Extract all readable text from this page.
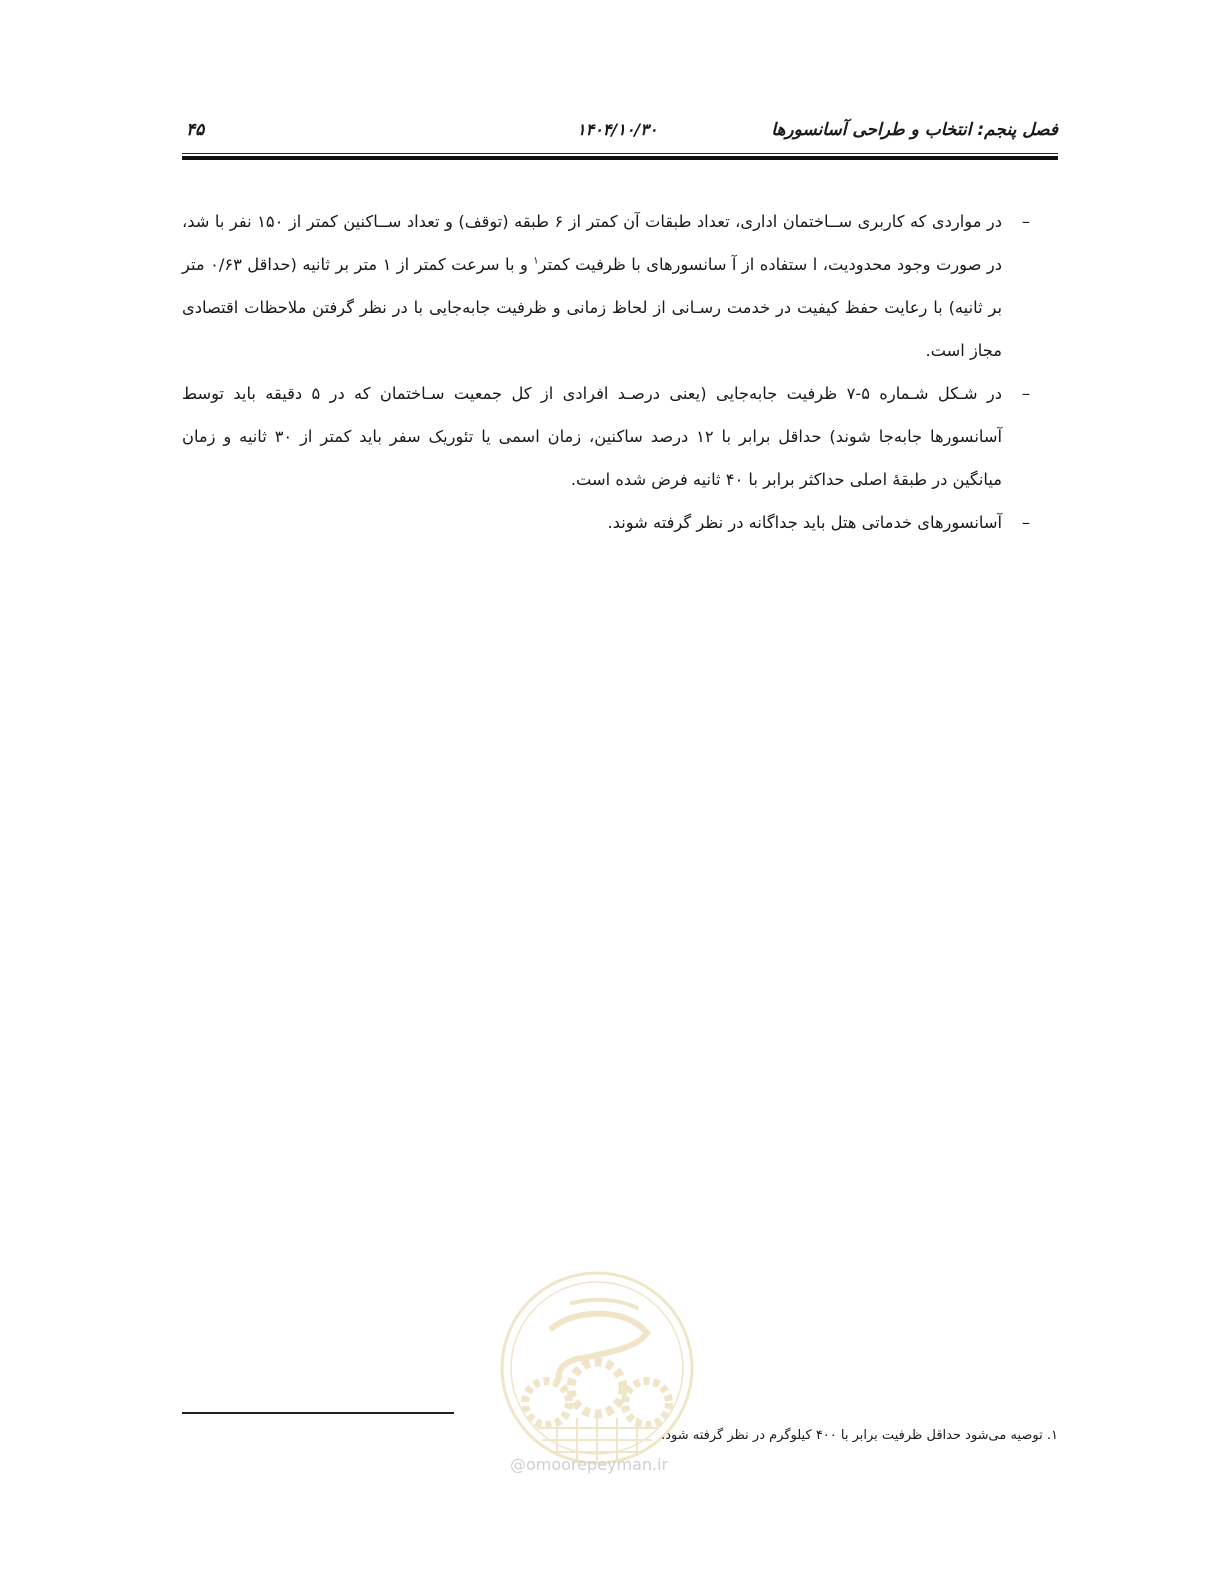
فصل پنجم: انتخاب و طراحی آسانسورها
۱۴۰۴/۱۰/۳۰
۴۵
–
در مواردی که کاربری ســاختمان اداری، تعداد طبقات آن کمتر از ۶ طبقه (توقف) و تعداد ســاکنین کمتر از ۱۵۰ نفر با شد، در صورت وجود محدودیت، ا ستفاده از آ سانسورهای با ظرفیت کمتر$^۱$ و با سرعت کمتر از ۱ متر بر ثانیه (حداقل ۰/۶۳ متر بر ثانیه) با رعایت حفظ کیفیت در خدمت رسـانی از لحاظ زمانی و ظرفیت جابه‌جایی با در نظر گرفتن ملاحظات اقتصادی مجاز است.
–
در شـکل شـماره ۵-۷ ظرفیت جابه‌جایی (یعنی درصـد افرادی از کل جمعیت سـاختمان که در ۵ دقیقه باید توسط آسانسورها جابه‌جا شوند) حداقل برابر با ۱۲ درصد ساکنین، زمان اسمی یا تئوریک سفر باید کمتر از ۳۰ ثانیه و زمان میانگین در طبقهٔ اصلی حداکثر برابر با ۴۰ ثانیه فرض شده است.
–
آسانسورهای خدماتی هتل باید جداگانه در نظر گرفته شوند.
۱. توصیه می‌شود حداقل ظرفیت برابر با ۴۰۰ کیلوگرم در نظر گرفته شود.
@omoorepeyman.ir
